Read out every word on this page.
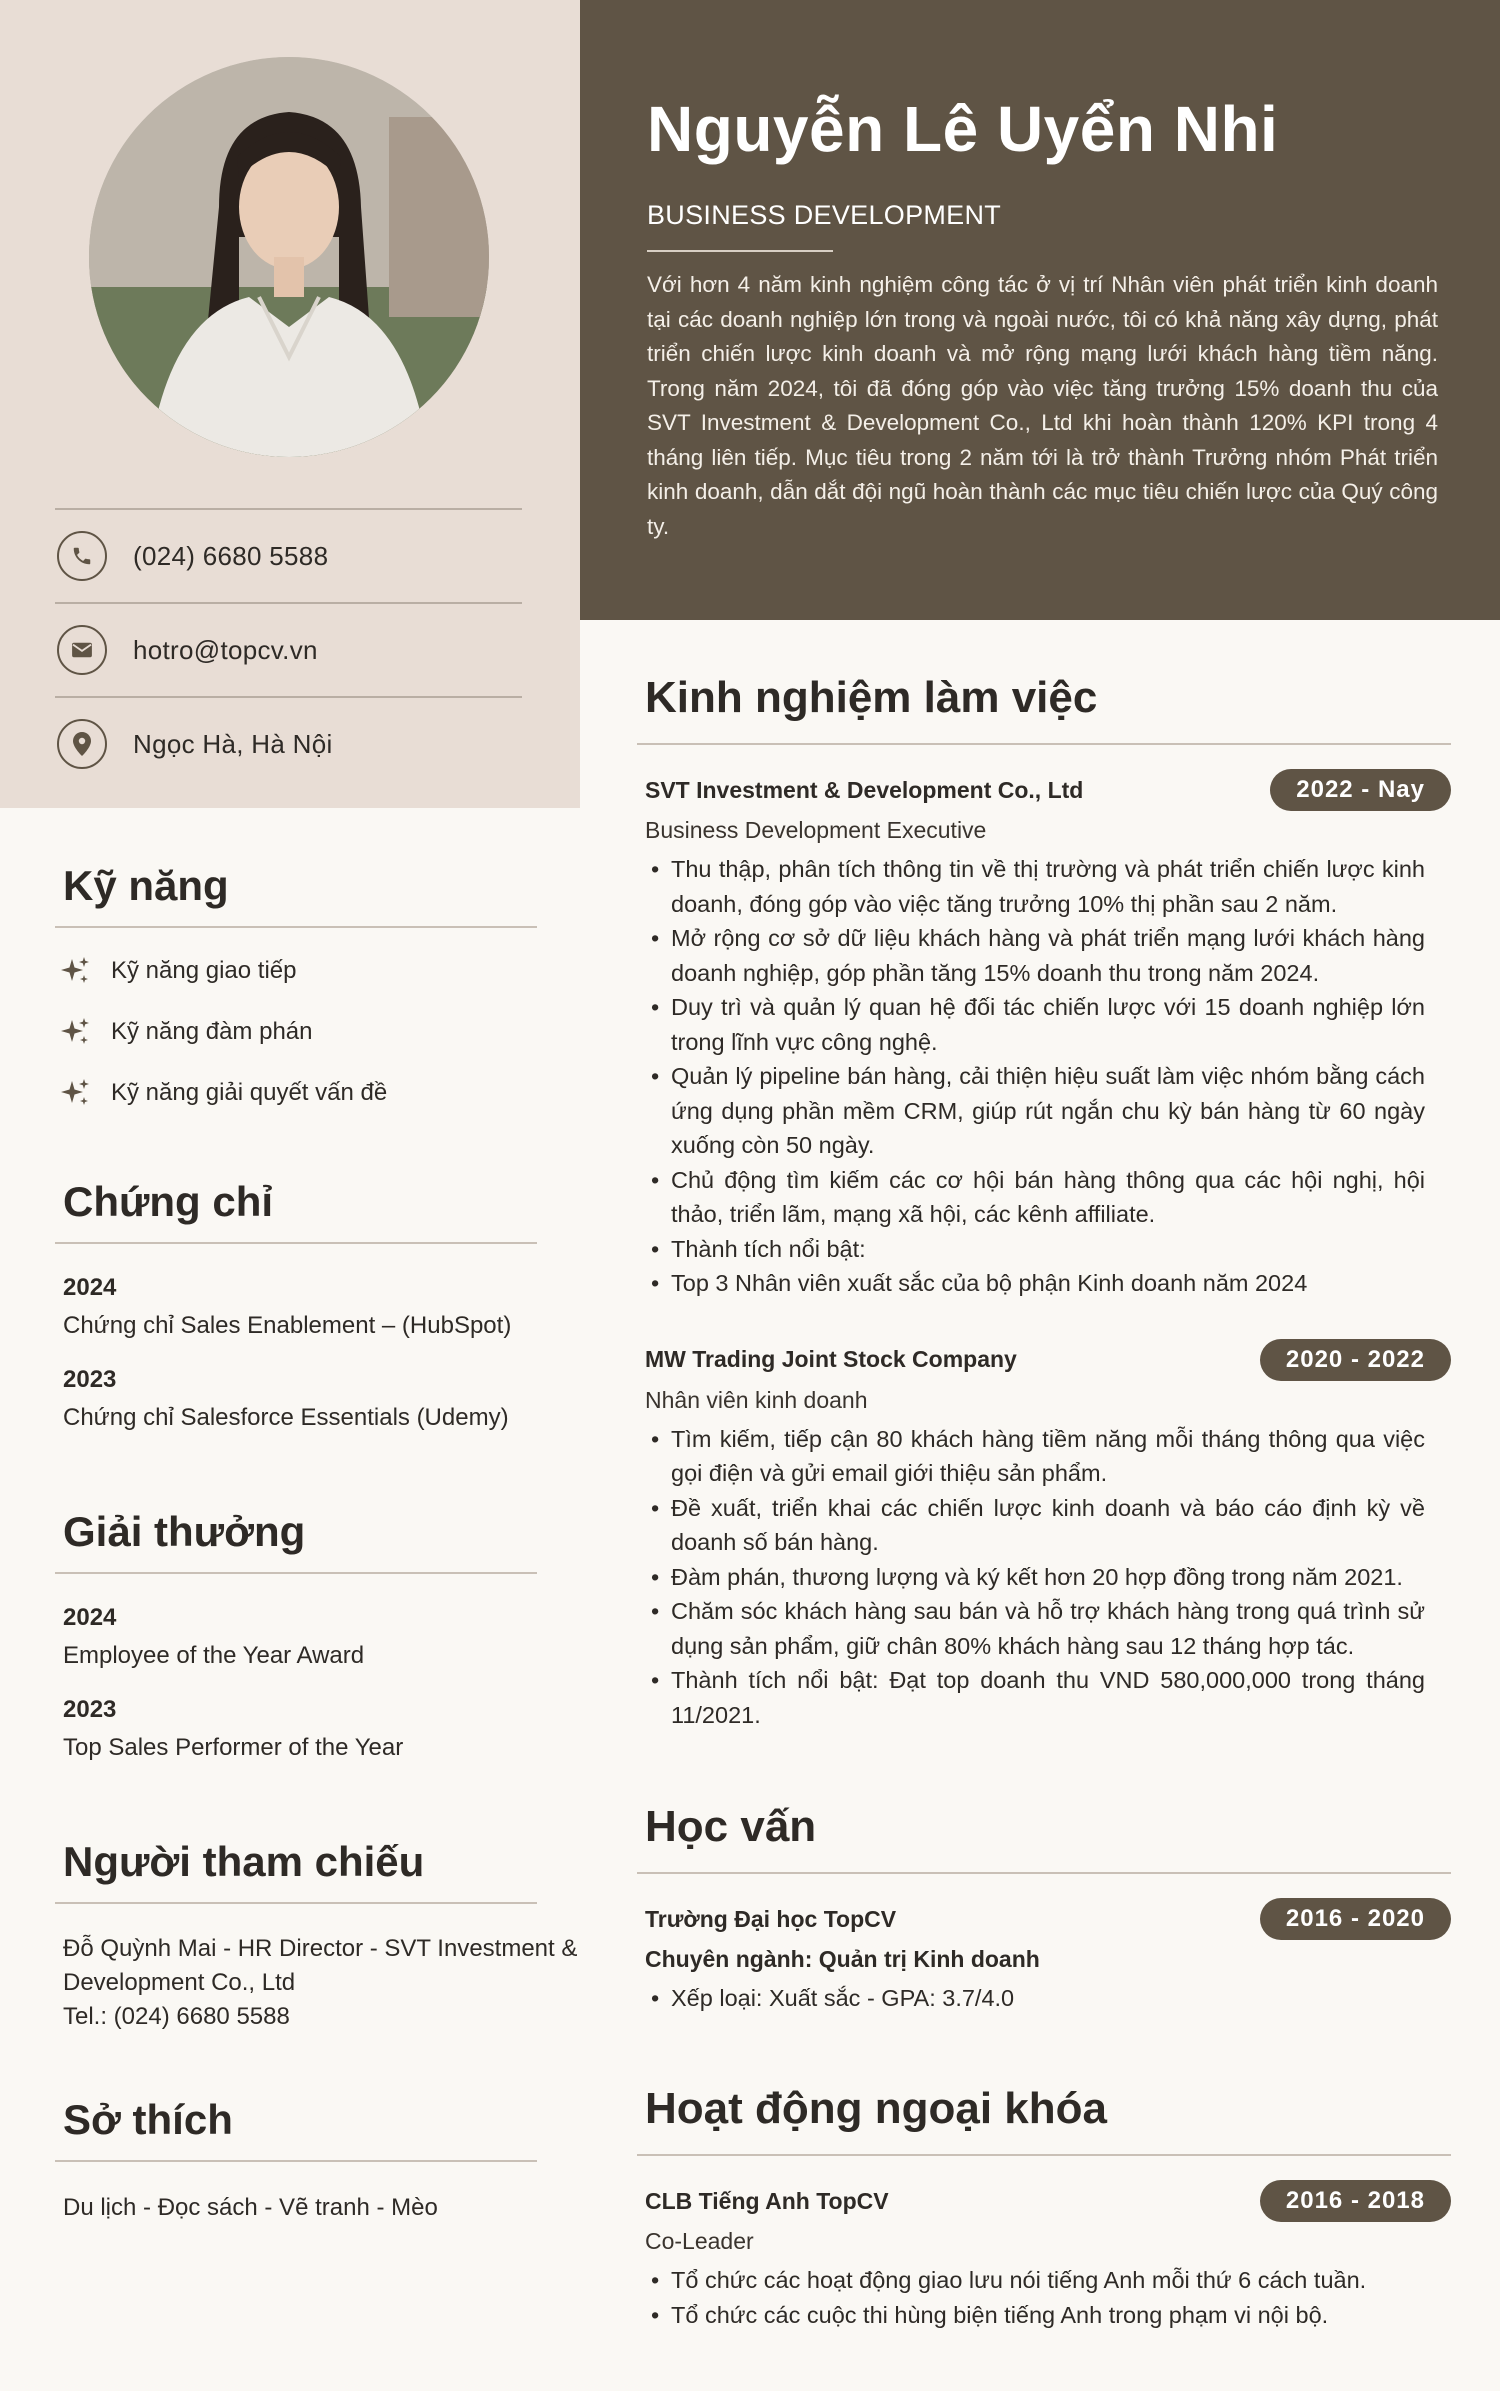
(024) 6680 5588
hotro@topcv.vn
Ngọc Hà, Hà Nội
Nguyễn Lê Uyển Nhi
BUSINESS DEVELOPMENT
Với hơn 4 năm kinh nghiệm công tác ở vị trí Nhân viên phát triển kinh doanh tại các doanh nghiệp lớn trong và ngoài nước, tôi có khả năng xây dựng, phát triển chiến lược kinh doanh và mở rộng mạng lưới khách hàng tiềm năng. Trong năm 2024, tôi đã đóng góp vào việc tăng trưởng 15% doanh thu của SVT Investment & Development Co., Ltd khi hoàn thành 120% KPI trong 4 tháng liên tiếp. Mục tiêu trong 2 năm tới là trở thành Trưởng nhóm Phát triển kinh doanh, dẫn dắt đội ngũ hoàn thành các mục tiêu chiến lược của Quý công ty.
Kỹ năng
Kỹ năng giao tiếp
Kỹ năng đàm phán
Kỹ năng giải quyết vấn đề
Chứng chỉ
2024
Chứng chỉ Sales Enablement – (HubSpot)
2023
Chứng chỉ Salesforce Essentials (Udemy)
Giải thưởng
2024
Employee of the Year Award
2023
Top Sales Performer of the Year
Người tham chiếu
Đỗ Quỳnh Mai - HR Director - SVT Investment & Development Co., Ltd
Tel.: (024) 6680 5588
Sở thích
Du lịch - Đọc sách - Vẽ tranh - Mèo
Kinh nghiệm làm việc
SVT Investment & Development Co., Ltd	2022 - Nay
Business Development Executive
• Thu thập, phân tích thông tin về thị trường và phát triển chiến lược kinh doanh, đóng góp vào việc tăng trưởng 10% thị phần sau 2 năm.
• Mở rộng cơ sở dữ liệu khách hàng và phát triển mạng lưới khách hàng doanh nghiệp, góp phần tăng 15% doanh thu trong năm 2024.
• Duy trì và quản lý quan hệ đối tác chiến lược với 15 doanh nghiệp lớn trong lĩnh vực công nghệ.
• Quản lý pipeline bán hàng, cải thiện hiệu suất làm việc nhóm bằng cách ứng dụng phần mềm CRM, giúp rút ngắn chu kỳ bán hàng từ 60 ngày xuống còn 50 ngày.
• Chủ động tìm kiếm các cơ hội bán hàng thông qua các hội nghị, hội thảo, triển lãm, mạng xã hội, các kênh affiliate.
• Thành tích nổi bật:
• Top 3 Nhân viên xuất sắc của bộ phận Kinh doanh năm 2024
MW Trading Joint Stock Company	2020 - 2022
Nhân viên kinh doanh
• Tìm kiếm, tiếp cận 80 khách hàng tiềm năng mỗi tháng thông qua việc gọi điện và gửi email giới thiệu sản phẩm.
• Đề xuất, triển khai các chiến lược kinh doanh và báo cáo định kỳ về doanh số bán hàng.
• Đàm phán, thương lượng và ký kết hơn 20 hợp đồng trong năm 2021.
• Chăm sóc khách hàng sau bán và hỗ trợ khách hàng trong quá trình sử dụng sản phẩm, giữ chân 80% khách hàng sau 12 tháng hợp tác.
• Thành tích nổi bật: Đạt top doanh thu VND 580,000,000 trong tháng 11/2021.
Học vấn
Trường Đại học TopCV	2016 - 2020
Chuyên ngành: Quản trị Kinh doanh
• Xếp loại: Xuất sắc - GPA: 3.7/4.0
Hoạt động ngoại khóa
CLB Tiếng Anh TopCV	2016 - 2018
Co-Leader
• Tổ chức các hoạt động giao lưu nói tiếng Anh mỗi thứ 6 cách tuần.
• Tổ chức các cuộc thi hùng biện tiếng Anh trong phạm vi nội bộ.
